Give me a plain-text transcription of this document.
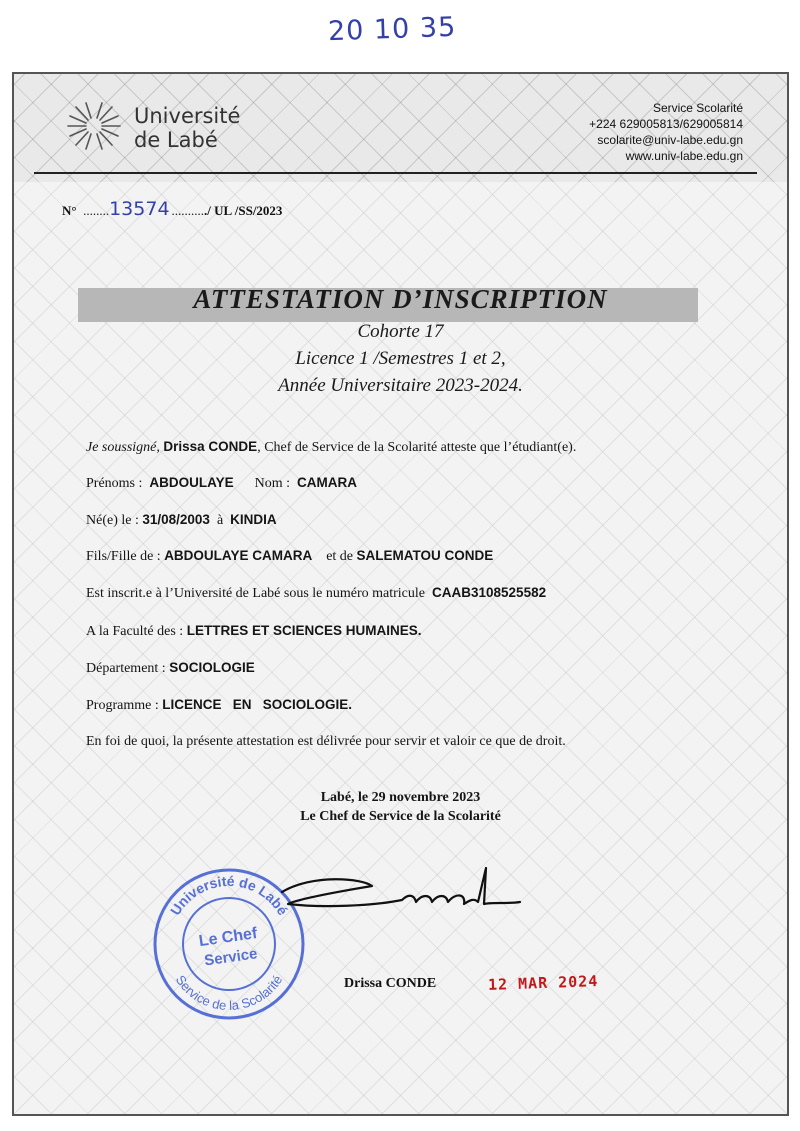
20 10 35
Université
de Labé
Service Scolarité
+224 629005813/629005814
scolarite@univ-labe.edu.gn
www.univ-labe.edu.gn
N°  ........13574 .........../ UL /SS/2023
ATTESTATION D’INSCRIPTION
Cohorte 17
Licence 1 /Semestres 1 et 2,
Année Universitaire 2023-2024.
Je soussigné, Drissa CONDE, Chef de Service de la Scolarité atteste que l’étudiant(e).
Prénoms : ABDOULAYE Nom : CAMARA
Né(e) le : 31/08/2003 à KINDIA
Fils/Fille de : ABDOULAYE CAMARA et de SALEMATOU CONDE
Est inscrit.e à l’Université de Labé sous le numéro matricule CAAB3108525582
A la Faculté des : LETTRES ET SCIENCES HUMAINES.
Département : SOCIOLOGIE
Programme : LICENCE   EN   SOCIOLOGIE.
En foi de quoi, la présente attestation est délivrée pour servir et valoir ce que de droit.
Labé, le 29 novembre 2023
Le Chef de Service de la Scolarité
Université de Labé
Service de la Scolarité
Le Chef
Service
Drissa CONDE	12 MAR 2024
